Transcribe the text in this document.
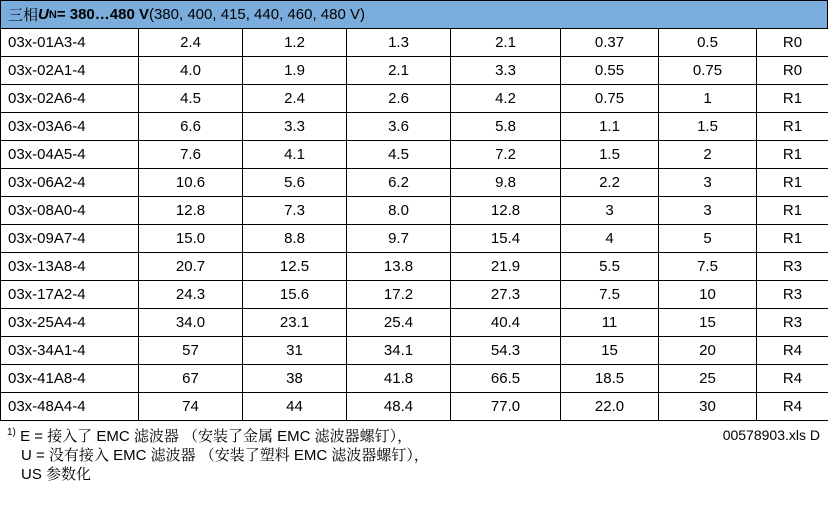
三相 U N = 380…480 V (380, 400, 415, 440, 460, 480 V)
03x-01A3-4	2.4	1.2	1.3	2.1	0.37	0.5	R0
03x-02A1-4	4.0	1.9	2.1	3.3	0.55	0.75	R0
03x-02A6-4	4.5	2.4	2.6	4.2	0.75	1	R1
03x-03A6-4	6.6	3.3	3.6	5.8	1.1	1.5	R1
03x-04A5-4	7.6	4.1	4.5	7.2	1.5	2	R1
03x-06A2-4	10.6	5.6	6.2	9.8	2.2	3	R1
03x-08A0-4	12.8	7.3	8.0	12.8	3	3	R1
03x-09A7-4	15.0	8.8	9.7	15.4	4	5	R1
03x-13A8-4	20.7	12.5	13.8	21.9	5.5	7.5	R3
03x-17A2-4	24.3	15.6	17.2	27.3	7.5	10	R3
03x-25A4-4	34.0	23.1	25.4	40.4	11	15	R3
03x-34A1-4	57	31	34.1	54.3	15	20	R4
03x-41A8-4	67	38	41.8	66.5	18.5	25	R4
03x-48A4-4	74	44	48.4	77.0	22.0	30	R4
$^{1)}$ E = 接入了 EMC 滤波器 （安装了金属 EMC 滤波器螺钉），
U = 没有接入 EMC 滤波器 （安装了塑料 EMC 滤波器螺钉），
US 参数化
00578903.xls D
